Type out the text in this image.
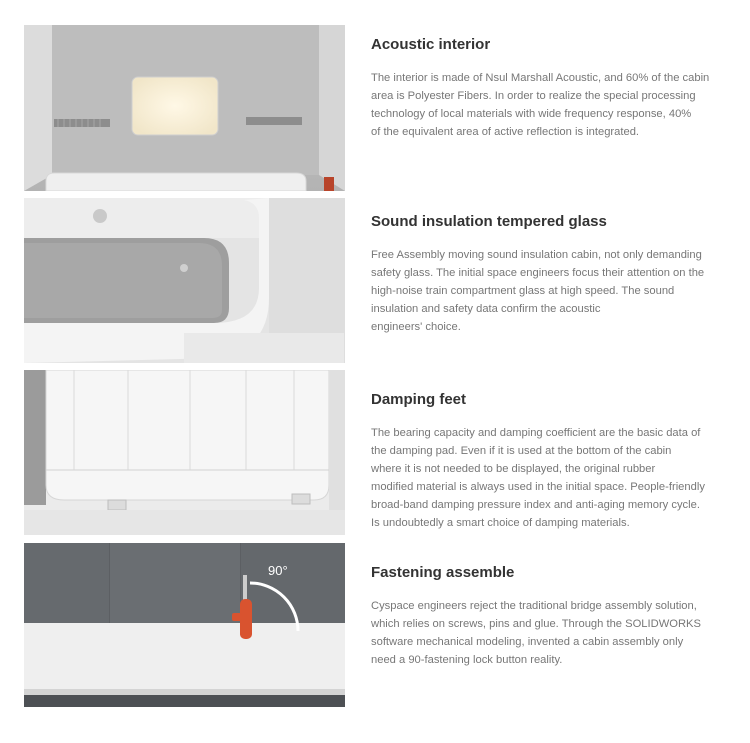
Acoustic interior
The interior is made of Nsul Marshall Acoustic, and 60% of the cabin
area is Polyester Fibers. In order to realize the special processing
technology of local materials with wide frequency response, 40%
of the equivalent area of active reflection is integrated.
Sound insulation tempered glass
Free Assembly moving sound insulation cabin, not only demanding
safety glass. The initial space engineers focus their attention on the
high-noise train compartment glass at high speed. The sound
insulation and safety data confirm the acoustic
engineers' choice.
Damping feet
The bearing capacity and damping coefficient are the basic data of
the damping pad. Even if it is used at the bottom of the cabin
where it is not needed to be displayed, the original rubber
modified material is always used in the initial space. People-friendly
broad-band damping pressure index and anti-aging memory cycle.
Is undoubtedly a smart choice of damping materials.
90°	Fastening assemble
Cyspace engineers reject the traditional bridge assembly solution,
which relies on screws, pins and glue. Through the SOLIDWORKS
software mechanical modeling, invented a cabin assembly only
need a 90-fastening lock button reality.
